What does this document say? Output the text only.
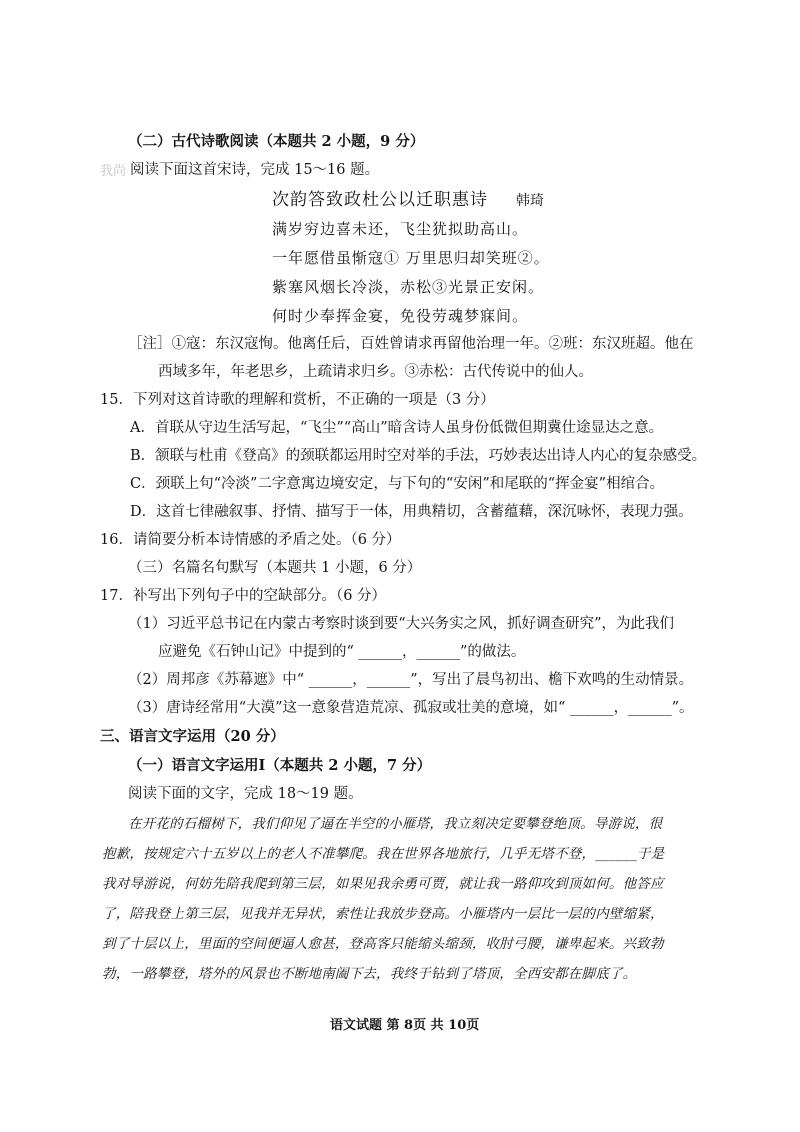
我尚
（二）古代诗歌阅读（本题共 2 小题，9 分）
阅读下面这首宋诗，完成 15～16 题。
次韵答致政杜公以迁职惠诗 韩琦
满岁穷边喜未还，飞尘犹拟助高山。
一年愿借虽惭寇① 万里思归却笑班②。
紫塞风烟长冷淡，赤松③光景正安闲。
何时少奉挥金宴，免役劳魂梦寐间。
［注］①寇：东汉寇恂。他离任后，百姓曾请求再留他治理一年。②班：东汉班超。他在
西域多年，年老思乡，上疏请求归乡。③赤松：古代传说中的仙人。
15．下列对这首诗歌的理解和赏析，不正确的一项是（3 分）
A．首联从守边生活写起，“飞尘”“高山”暗含诗人虽身份低微但期冀仕途显达之意。
B．颔联与杜甫《登高》的颈联都运用时空对举的手法，巧妙表达出诗人内心的复杂感受。
C．颈联上句“冷淡”二字意寓边境安定，与下句的“安闲”和尾联的“挥金宴”相绾合。
D．这首七律融叙事、抒情、描写于一体，用典精切，含蓄蕴藉，深沉咏怀，表现力强。
16．请简要分析本诗情感的矛盾之处。（6 分）
（三）名篇名句默写（本题共 1 小题，6 分）
17．补写出下列句子中的空缺部分。（6 分）
（1）习近平总书记在内蒙古考察时谈到要“大兴务实之风，抓好调查研究”，为此我们
应避免《石钟山记》中提到的“ ______，______”的做法。
（2）周邦彦《苏幕遮》中“ ______，______”，写出了晨鸟初出、檐下欢鸣的生动情景。
（3）唐诗经常用“大漠”这一意象营造荒凉、孤寂或壮美的意境，如“ ______，______”。
三、语言文字运用（20 分）
（一）语言文字运用Ⅰ（本题共 2 小题，7 分）
阅读下面的文字，完成 18～19 题。
在开花的石榴树下，我们仰见了逼在半空的小雁塔，我立刻决定要攀登绝顶。导游说，很
抱歉，按规定六十五岁以上的老人不准攀爬。我在世界各地旅行，几乎无塔不登，______于是
我对导游说，何妨先陪我爬到第三层，如果见我余勇可贾，就让我一路仰攻到顶如何。他答应
了，陪我登上第三层，见我并无异状，索性让我放步登高。小雁塔内一层比一层的内壁缩紧，
到了十层以上，里面的空间便逼人愈甚，登高客只能缩头缩颈，收肘弓腰，谦卑起来。兴致勃
勃，一路攀登，塔外的风景也不断地南阖下去，我终于钻到了塔顶，全西安都在脚底了。
语文试题 第 8页 共 10页
